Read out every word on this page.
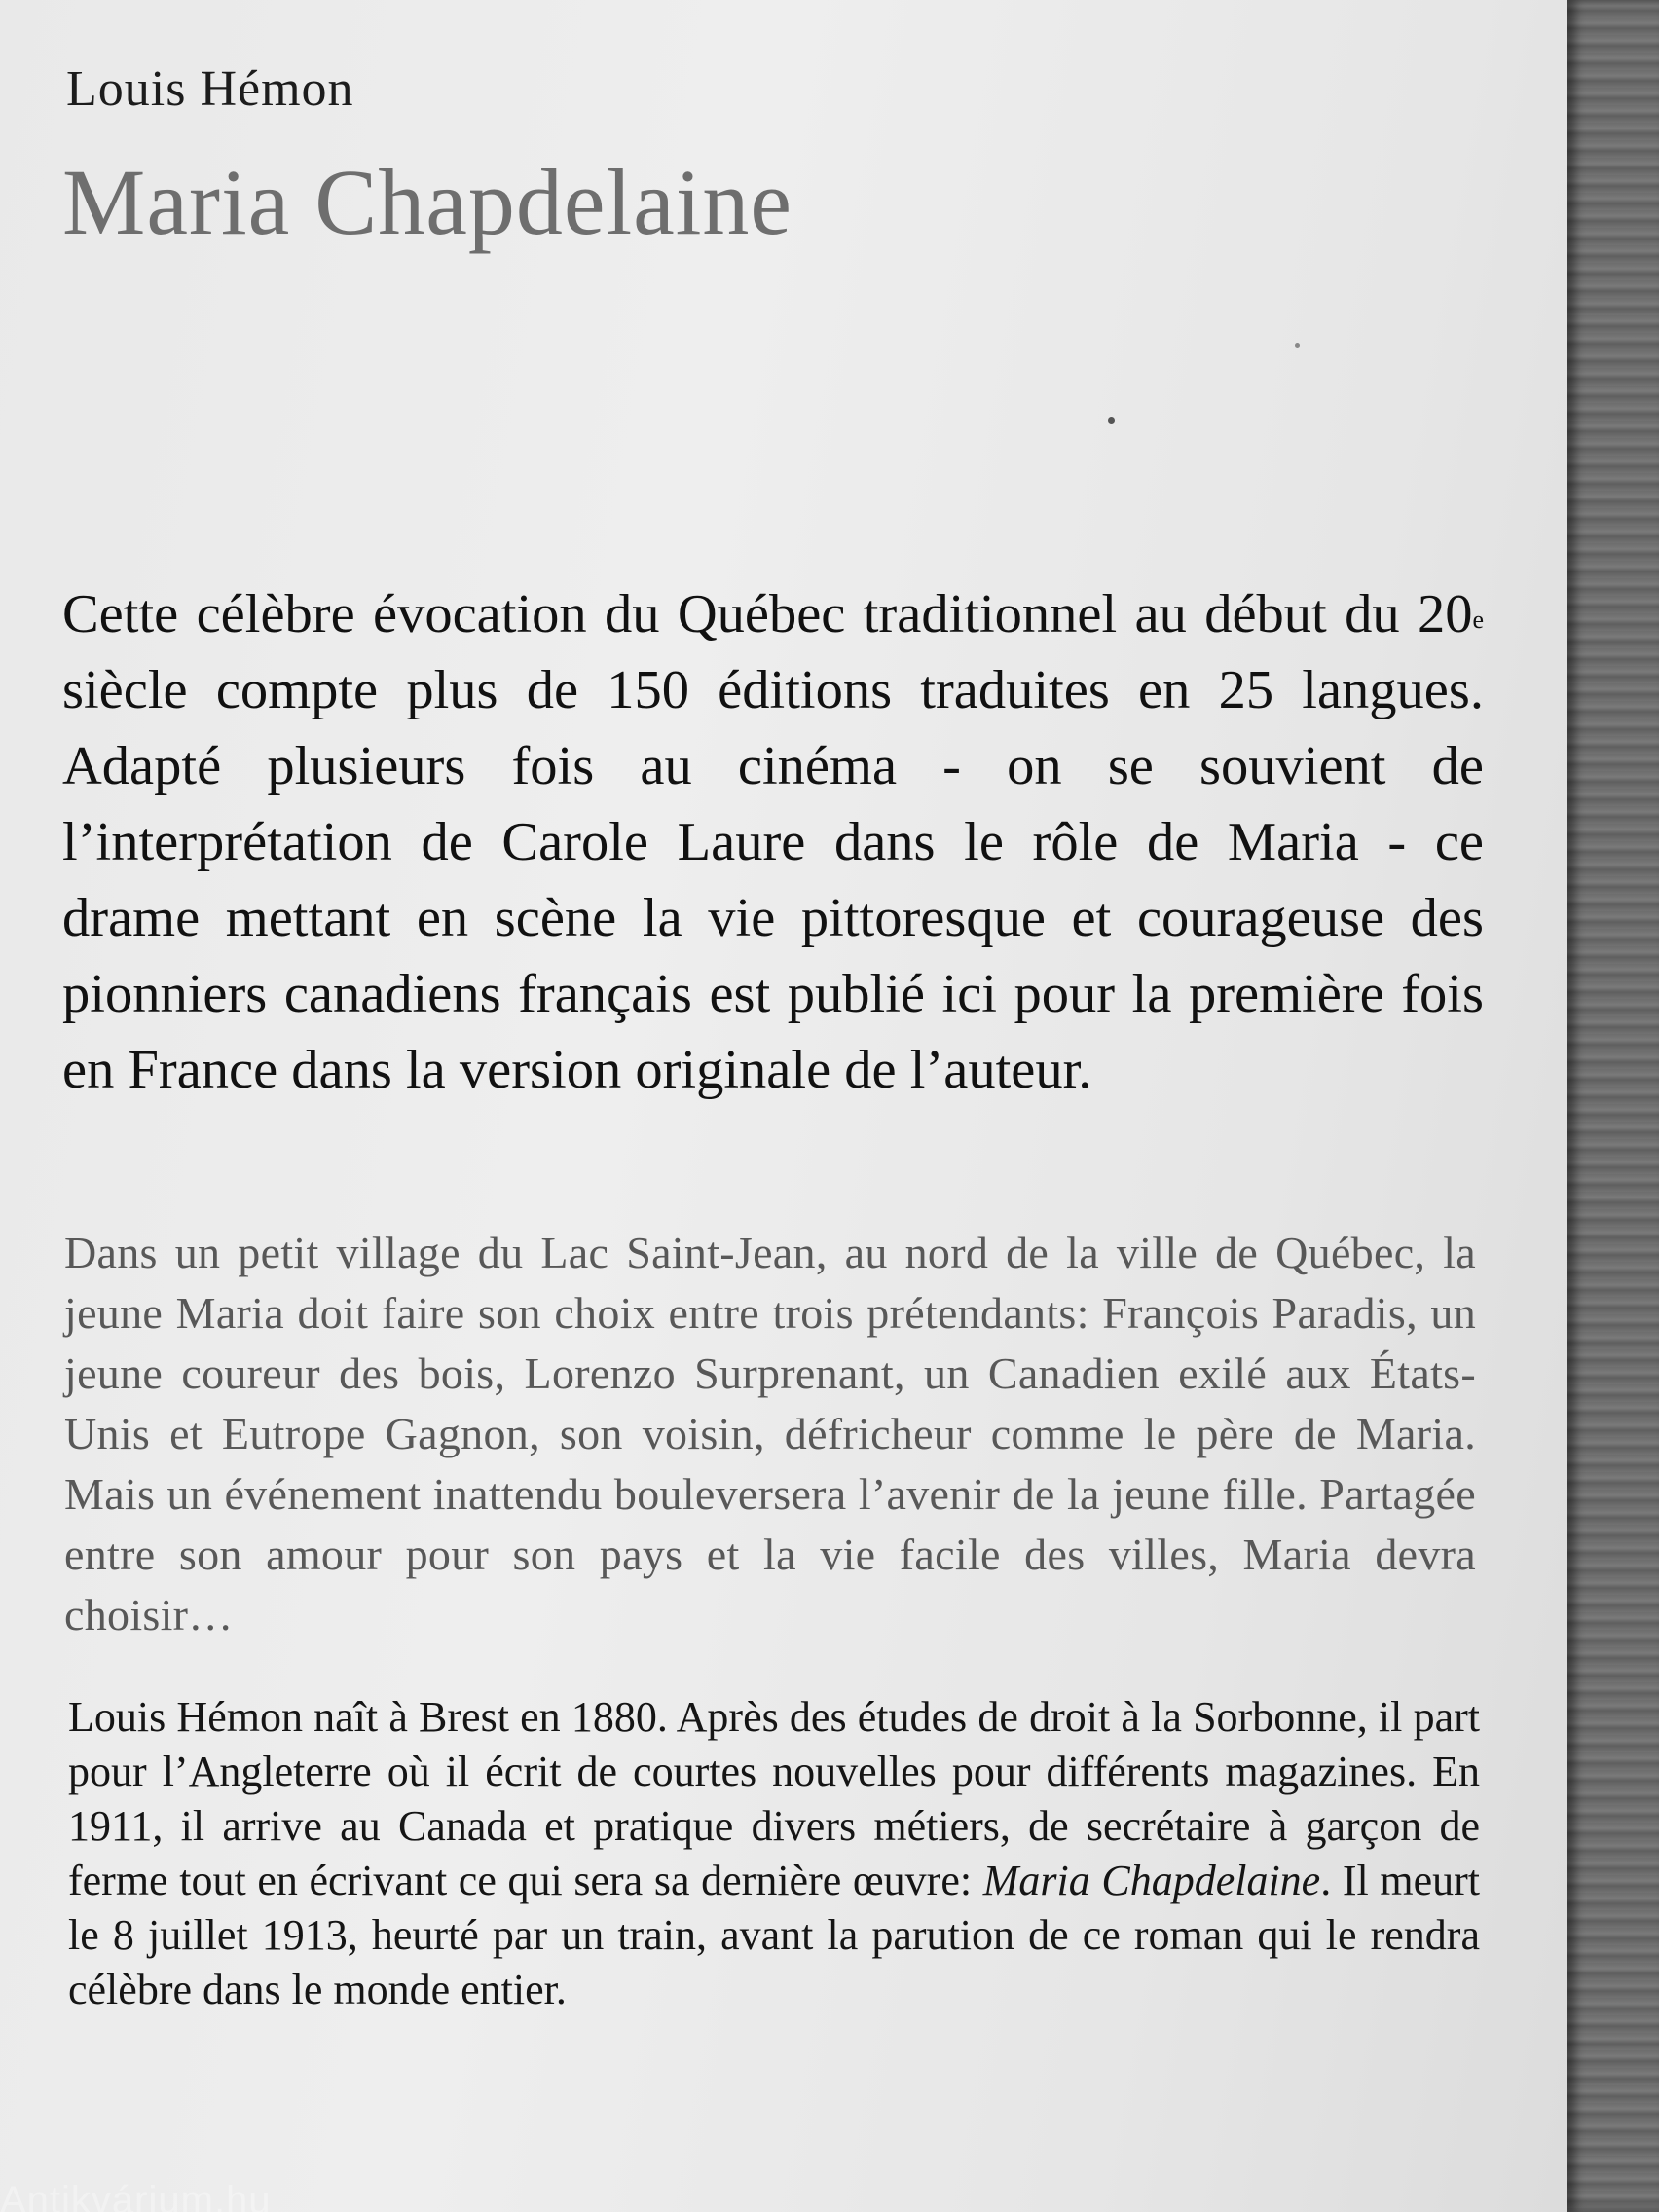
Louis Hémon
Maria Chapdelaine

Cette célèbre évocation du Québec traditionnel au début du 20e siècle compte plus de 150 éditions traduites en 25 langues. Adapté plusieurs fois au cinéma - on se souvient de l’interprétation de Carole Laure dans le rôle de Maria - ce drame mettant en scène la vie pittoresque et courageuse des pionniers canadiens français est publié ici pour la première fois en France dans la version originale de l’auteur.

Dans un petit village du Lac Saint-Jean, au nord de la ville de Québec, la jeune Maria doit faire son choix entre trois prétendants: François Paradis, un jeune coureur des bois, Lorenzo Surprenant, un Canadien exilé aux États-Unis et Eutrope Gagnon, son voisin, défricheur comme le père de Maria. Mais un événement inattendu bouleversera l’avenir de la jeune fille. Partagée entre son amour pour son pays et la vie facile des villes, Maria devra choisir…

Louis Hémon naît à Brest en 1880. Après des études de droit à la Sorbonne, il part pour l’Angleterre où il écrit de courtes nouvelles pour différents magazines. En 1911, il arrive au Canada et pratique divers métiers, de secrétaire à garçon de ferme tout en écrivant ce qui sera sa dernière œuvre: Maria Chapdelaine. Il meurt le 8 juillet 1913, heurté par un train, avant la parution de ce roman qui le rendra célèbre dans le monde entier.

Antikvárium.hu
